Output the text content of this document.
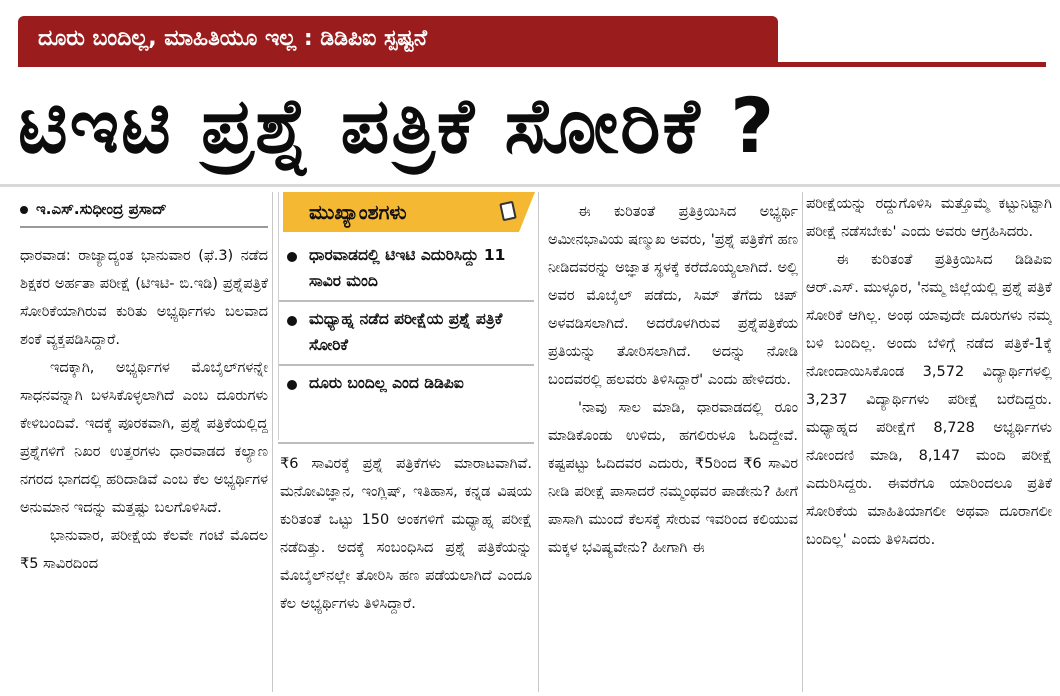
ದೂರು ಬಂದಿಲ್ಲ, ಮಾಹಿತಿಯೂ ಇಲ್ಲ : ಡಿಡಿಪಿಐ ಸ್ಪಷ್ಟನೆ
ಟಿಇಟಿ ಪ್ರಶ್ನೆ ಪತ್ರಿಕೆ ಸೋರಿಕೆ ?
ಇ.ಎಸ್.ಸುಧೀಂದ್ರ ಪ್ರಸಾದ್

ಧಾರವಾಡ: ರಾಜ್ಯಾದ್ಯಂತ ಭಾನುವಾರ (ಫೆ.3) ನಡೆದ ಶಿಕ್ಷಕರ ಅರ್ಹತಾ ಪರೀಕ್ಷೆ (ಟಿಇಟಿ- ಬಿ.ಇಡಿ) ಪ್ರಶ್ನೆಪತ್ರಿಕೆ ಸೋರಿಕೆಯಾಗಿರುವ ಕುರಿತು ಅಭ್ಯರ್ಥಿಗಳು ಬಲವಾದ ಶಂಕೆ ವ್ಯಕ್ತಪಡಿಸಿದ್ದಾರೆ.

ಇದಕ್ಕಾಗಿ, ಅಭ್ಯರ್ಥಿಗಳ ಮೊಬೈಲ್‌ಗಳನ್ನೇ ಸಾಧನವನ್ನಾಗಿ ಬಳಸಿಕೊಳ್ಳಲಾಗಿದೆ ಎಂಬ ದೂರುಗಳು ಕೇಳಿಬಂದಿವೆ. ಇದಕ್ಕೆ ಪೂರಕವಾಗಿ, ಪ್ರಶ್ನೆ ಪತ್ರಿಕೆಯಲ್ಲಿದ್ದ ಪ್ರಶ್ನೆಗಳಿಗೆ ನಿಖರ ಉತ್ತರಗಳು ಧಾರವಾಡದ ಕಲ್ಯಾಣ ನಗರದ ಭಾಗದಲ್ಲಿ ಹರಿದಾಡಿವೆ ಎಂಬ ಕೆಲ ಅಭ್ಯರ್ಥಿಗಳ ಅನುಮಾನ ಇದನ್ನು ಮತ್ತಷ್ಟು ಬಲಗೊಳಿಸಿದೆ.

ಭಾನುವಾರ, ಪರೀಕ್ಷೆಯ ಕೆಲವೇ ಗಂಟೆ ಮೊದಲ ₹5 ಸಾವಿರದಿಂದ

ಮುಖ್ಯಾಂಶಗಳು
ಧಾರವಾಡದಲ್ಲಿ ಟಿಇಟಿ ಎದುರಿಸಿದ್ದು 11 ಸಾವಿರ ಮಂದಿ
ಮಧ್ಯಾಹ್ನ ನಡೆದ ಪರೀಕ್ಷೆಯ ಪ್ರಶ್ನೆ ಪತ್ರಿಕೆ ಸೋರಿಕೆ
ದೂರು ಬಂದಿಲ್ಲ ಎಂದ ಡಿಡಿಪಿಐ

₹6 ಸಾವಿರಕ್ಕೆ ಪ್ರಶ್ನೆ ಪತ್ರಿಕೆಗಳು ಮಾರಾಟವಾಗಿವೆ. ಮನೋವಿಜ್ಞಾನ, ಇಂಗ್ಲಿಷ್, ಇತಿಹಾಸ, ಕನ್ನಡ ವಿಷಯ ಕುರಿತಂತೆ ಒಟ್ಟು 150 ಅಂಕಗಳಿಗೆ ಮಧ್ಯಾಹ್ನ ಪರೀಕ್ಷೆ ನಡೆದಿತ್ತು. ಅದಕ್ಕೆ ಸಂಬಂಧಿಸಿದ ಪ್ರಶ್ನೆ ಪತ್ರಿಕೆಯನ್ನು ಮೊಬೈಲ್‌ನಲ್ಲೇ ತೋರಿಸಿ ಹಣ ಪಡೆಯಲಾಗಿದೆ ಎಂದೂ ಕೆಲ ಅಭ್ಯರ್ಥಿಗಳು ತಿಳಿಸಿದ್ದಾರೆ.

ಈ ಕುರಿತಂತೆ ಪ್ರತಿಕ್ರಿಯಿಸಿದ ಅಭ್ಯರ್ಥಿ ಅಮೀನಭಾವಿಯ ಷಣ್ಮುಖ ಅವರು, 'ಪ್ರಶ್ನೆ ಪತ್ರಿಕೆಗೆ ಹಣ ನೀಡಿದವರನ್ನು ಅಜ್ಞಾತ ಸ್ಥಳಕ್ಕೆ ಕರೆದೊಯ್ಯಲಾಗಿದೆ. ಅಲ್ಲಿ ಅವರ ಮೊಬೈಲ್ ಪಡೆದು, ಸಿಮ್ ತೆಗೆದು ಚಿಪ್ ಅಳವಡಿಸಲಾಗಿದೆ. ಅದರೊಳಗಿರುವ ಪ್ರಶ್ನೆಪತ್ರಿಕೆಯ ಪ್ರತಿಯನ್ನು ತೋರಿಸಲಾಗಿದೆ. ಅದನ್ನು ನೋಡಿ ಬಂದವರಲ್ಲಿ ಹಲವರು ತಿಳಿಸಿದ್ದಾರೆ' ಎಂದು ಹೇಳಿದರು.

'ನಾವು ಸಾಲ ಮಾಡಿ, ಧಾರವಾಡದಲ್ಲಿ ರೂಂ ಮಾಡಿಕೊಂಡು ಉಳಿದು, ಹಗಲಿರುಳೂ ಓದಿದ್ದೇವೆ. ಕಷ್ಟಪಟ್ಟು ಓದಿದವರ ಎದುರು, ₹5ರಿಂದ ₹6 ಸಾವಿರ ನೀಡಿ ಪರೀಕ್ಷೆ ಪಾಸಾದರೆ ನಮ್ಮಂಥವರ ಪಾಡೇನು? ಹೀಗೆ ಪಾಸಾಗಿ ಮುಂದೆ ಕೆಲಸಕ್ಕೆ ಸೇರುವ ಇವರಿಂದ ಕಲಿಯುವ ಮಕ್ಕಳ ಭವಿಷ್ಯವೇನು? ಹೀಗಾಗಿ ಈ

ಪರೀಕ್ಷೆಯನ್ನು ರದ್ದುಗೊಳಿಸಿ ಮತ್ತೊಮ್ಮೆ ಕಟ್ಟುನಿಟ್ಟಾಗಿ ಪರೀಕ್ಷೆ ನಡೆಸಬೇಕು' ಎಂದು ಅವರು ಆಗ್ರಹಿಸಿದರು.

ಈ ಕುರಿತಂತೆ ಪ್ರತಿಕ್ರಿಯಿಸಿದ ಡಿಡಿಪಿಐ ಆರ್.ಎಸ್. ಮುಳ್ಳೂರ, 'ನಮ್ಮ ಜಿಲ್ಲೆಯಲ್ಲಿ ಪ್ರಶ್ನೆ ಪತ್ರಿಕೆ ಸೋರಿಕೆ ಆಗಿಲ್ಲ. ಅಂಥ ಯಾವುದೇ ದೂರುಗಳು ನಮ್ಮ ಬಳಿ ಬಂದಿಲ್ಲ. ಅಂದು ಬೆಳಿಗ್ಗೆ ನಡೆದ ಪತ್ರಿಕೆ-1ಕ್ಕೆ ನೋಂದಾಯಿಸಿಕೊಂಡ 3,572 ವಿದ್ಯಾರ್ಥಿಗಳಲ್ಲಿ 3,237 ವಿದ್ಯಾರ್ಥಿಗಳು ಪರೀಕ್ಷೆ ಬರೆದಿದ್ದರು. ಮಧ್ಯಾಹ್ನದ ಪರೀಕ್ಷೆಗೆ 8,728 ಅಭ್ಯರ್ಥಿಗಳು ನೋಂದಣಿ ಮಾಡಿ, 8,147 ಮಂದಿ ಪರೀಕ್ಷೆ ಎದುರಿಸಿದ್ದರು. ಈವರೆಗೂ ಯಾರಿಂದಲೂ ಪ್ರತಿಕೆ ಸೋರಿಕೆಯ ಮಾಹಿತಿಯಾಗಲೀ ಅಥವಾ ದೂರಾಗಲೀ ಬಂದಿಲ್ಲ' ಎಂದು ತಿಳಿಸಿದರು.
